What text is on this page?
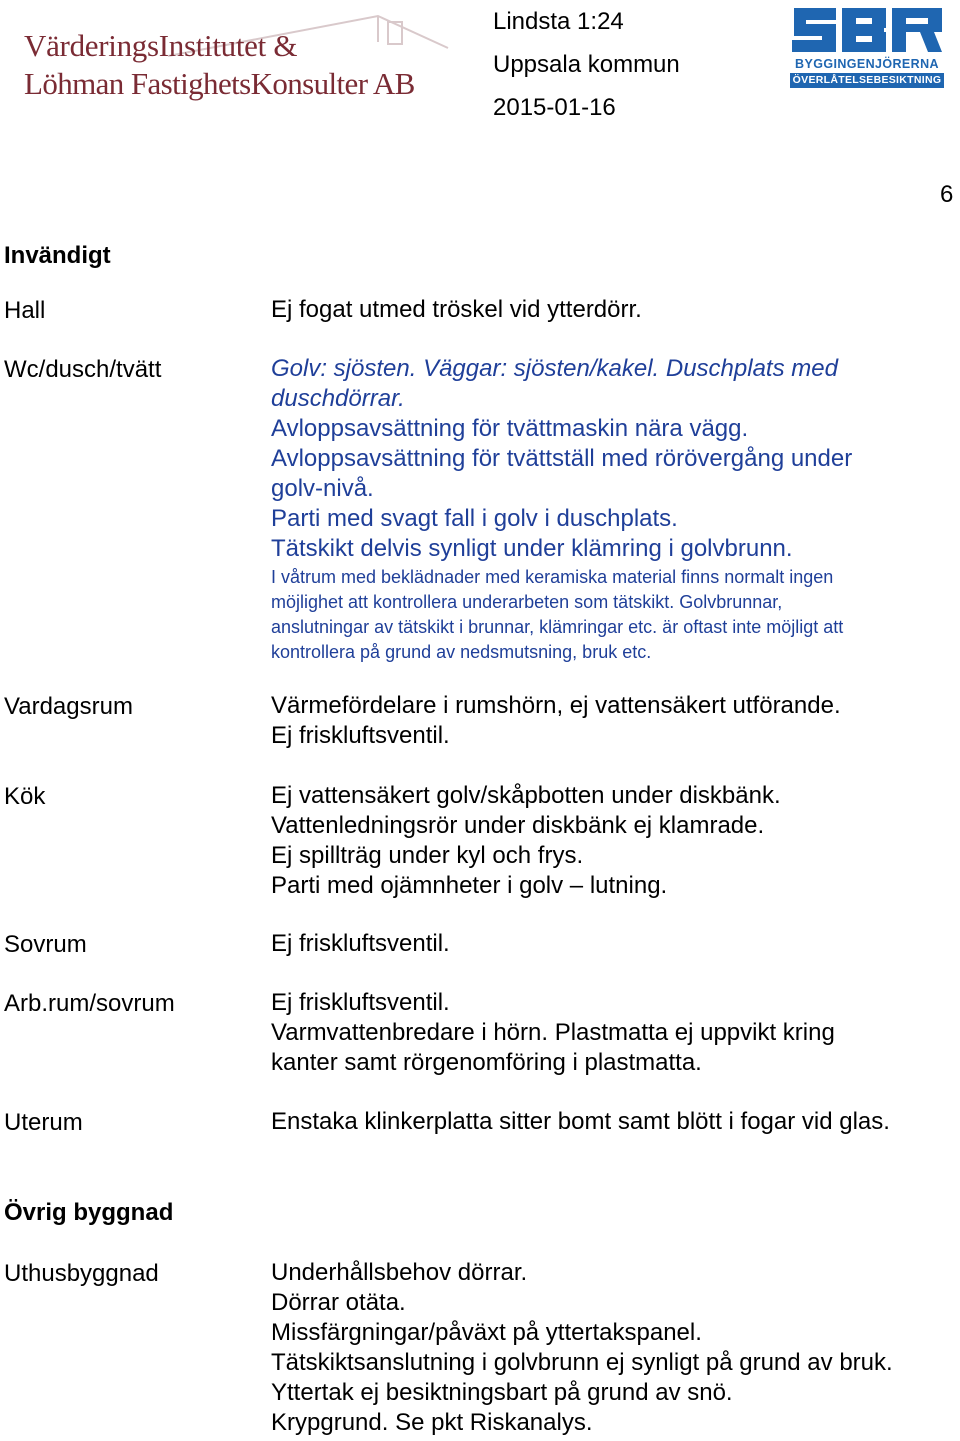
VärderingsInstitutet &
Löhman FastighetsKonsulter AB
Lindsta 1:24
Uppsala kommun
2015-01-16
BYGGINGENJÖRERNA
ÖVERLÅTELSEBESIKTNING
6
Invändigt
Hall	Ej fogat utmed tröskel vid ytterdörr.
Wc/dusch/tvätt	Golv: sjösten. Väggar: sjösten/kakel. Duschplats med
duschdörrar.
Avloppsavsättning för tvättmaskin nära vägg.
Avloppsavsättning för tvättställ med rörövergång under
golv-nivå.
Parti med svagt fall i golv i duschplats.
Tätskikt delvis synligt under klämring i golvbrunn.
I våtrum med beklädnader med keramiska material finns normalt ingen
möjlighet att kontrollera underarbeten som tätskikt. Golvbrunnar,
anslutningar av tätskikt i brunnar, klämringar etc. är oftast inte möjligt att
kontrollera på grund av nedsmutsning, bruk etc.
Vardagsrum	Värmefördelare i rumshörn, ej vattensäkert utförande.
Ej friskluftsventil.
Kök	Ej vattensäkert golv/skåpbotten under diskbänk.
Vattenledningsrör under diskbänk ej klamrade.
Ej spillträg under kyl och frys.
Parti med ojämnheter i golv – lutning.
Sovrum	Ej friskluftsventil.
Arb.rum/sovrum	Ej friskluftsventil.
Varmvattenbredare i hörn. Plastmatta ej uppvikt kring
kanter samt rörgenomföring i plastmatta.
Uterum	Enstaka klinkerplatta sitter bomt samt blött i fogar vid glas.
Övrig byggnad
Uthusbyggnad	Underhållsbehov dörrar.
Dörrar otäta.
Missfärgningar/påväxt på yttertakspanel.
Tätskiktsanslutning i golvbrunn ej synligt på grund av bruk.
Yttertak ej besiktningsbart på grund av snö.
Krypgrund. Se pkt Riskanalys.
